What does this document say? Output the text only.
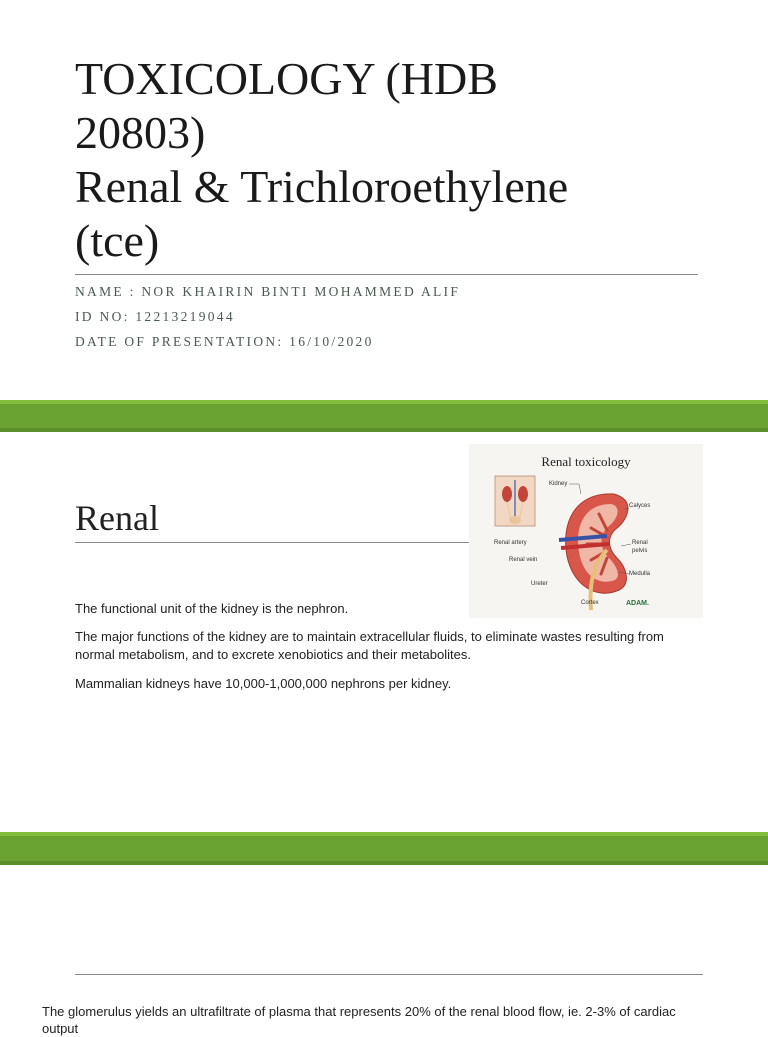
TOXICOLOGY (HDB
20803)
Renal & Trichloroethylene
(tce)
NAME : NOR KHAIRIN BINTI MOHAMMED ALIF
ID NO: 12213219044
DATE OF PRESENTATION: 16/10/2020
Renal

The functional unit of the kidney is the nephron.

The major functions of the kidney are to maintain extracellular fluids, to eliminate wastes resulting from normal metabolism, and to excrete xenobiotics and their metabolites.

Mammalian kidneys have 10,000-1,000,000 nephrons per kidney.

Renal toxicology
Kidney
Calyces
Renal artery	Renal pelvis
Renal vein
Medulla
Ureter
Cortex	ADAM.

The glomerulus yields an ultrafiltrate of plasma that represents 20% of the renal blood flow, ie. 2-3% of cardiac output
